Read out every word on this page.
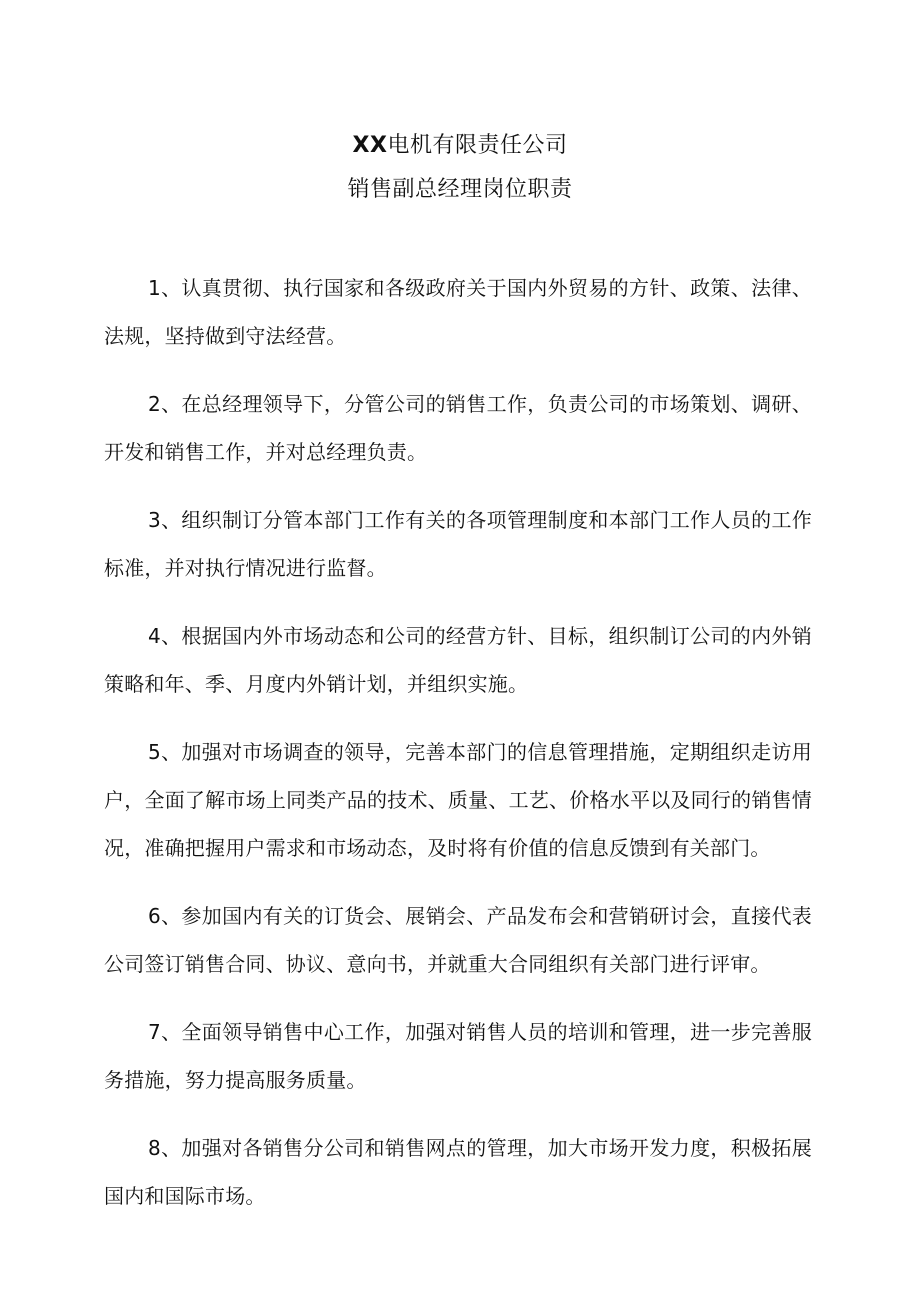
XX电机有限责任公司
销售副总经理岗位职责

1、认真贯彻、执行国家和各级政府关于国内外贸易的方针、政策、法律、法规，坚持做到守法经营。

2、在总经理领导下，分管公司的销售工作，负责公司的市场策划、调研、开发和销售工作，并对总经理负责。

3、组织制订分管本部门工作有关的各项管理制度和本部门工作人员的工作标准，并对执行情况进行监督。

4、根据国内外市场动态和公司的经营方针、目标，组织制订公司的内外销策略和年、季、月度内外销计划，并组织实施。

5、加强对市场调查的领导，完善本部门的信息管理措施，定期组织走访用户，全面了解市场上同类产品的技术、质量、工艺、价格水平以及同行的销售情况，准确把握用户需求和市场动态，及时将有价值的信息反馈到有关部门。

6、参加国内有关的订货会、展销会、产品发布会和营销研讨会，直接代表公司签订销售合同、协议、意向书，并就重大合同组织有关部门进行评审。

7、全面领导销售中心工作，加强对销售人员的培训和管理，进一步完善服务措施，努力提高服务质量。

8、加强对各销售分公司和销售网点的管理，加大市场开发力度，积极拓展国内和国际市场。
